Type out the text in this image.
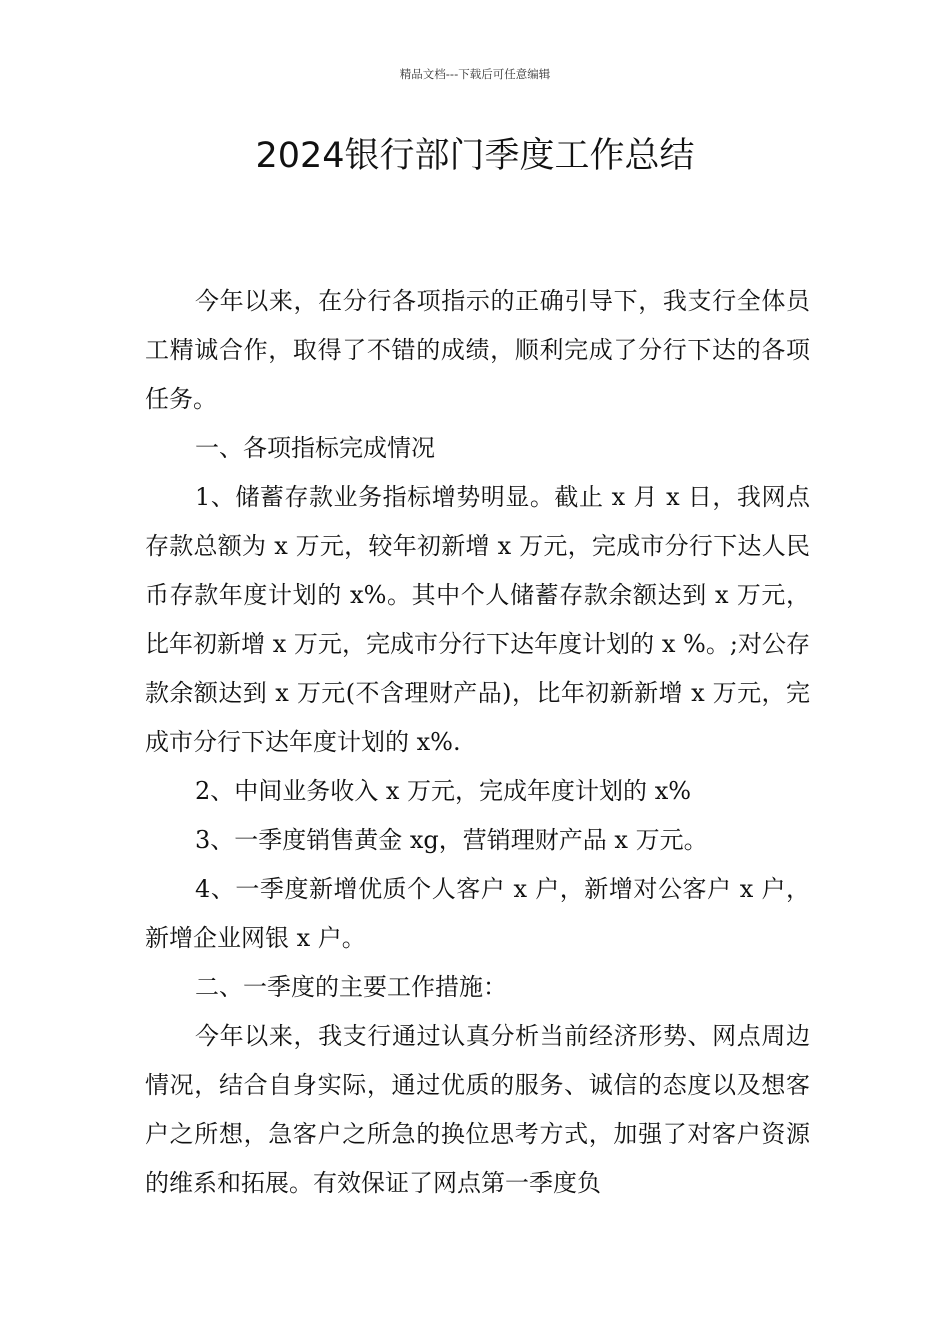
精品文档---下载后可任意编辑
2024银行部门季度工作总结

今年以来，在分行各项指示的正确引导下，我支行全体员工精诚合作，取得了不错的成绩，顺利完成了分行下达的各项任务。

一、各项指标完成情况

1、储蓄存款业务指标增势明显。截止 x 月 x 日，我网点存款总额为 x 万元，较年初新增 x 万元，完成市分行下达人民币存款年度计划的 x%。其中个人储蓄存款余额达到 x 万元，比年初新增 x 万元，完成市分行下达年度计划的 x %。;对公存款余额达到 x 万元(不含理财产品)，比年初新新增 x 万元，完成市分行下达年度计划的 x%.

2、中间业务收入 x 万元，完成年度计划的 x%

3、一季度销售黄金 xg，营销理财产品 x 万元。

4、一季度新增优质个人客户 x 户，新增对公客户 x 户，新增企业网银 x 户。

二、一季度的主要工作措施：

今年以来，我支行通过认真分析当前经济形势、网点周边情况，结合自身实际，通过优质的服务、诚信的态度以及想客户之所想，急客户之所急的换位思考方式，加强了对客户资源的维系和拓展。有效保证了网点第一季度负
